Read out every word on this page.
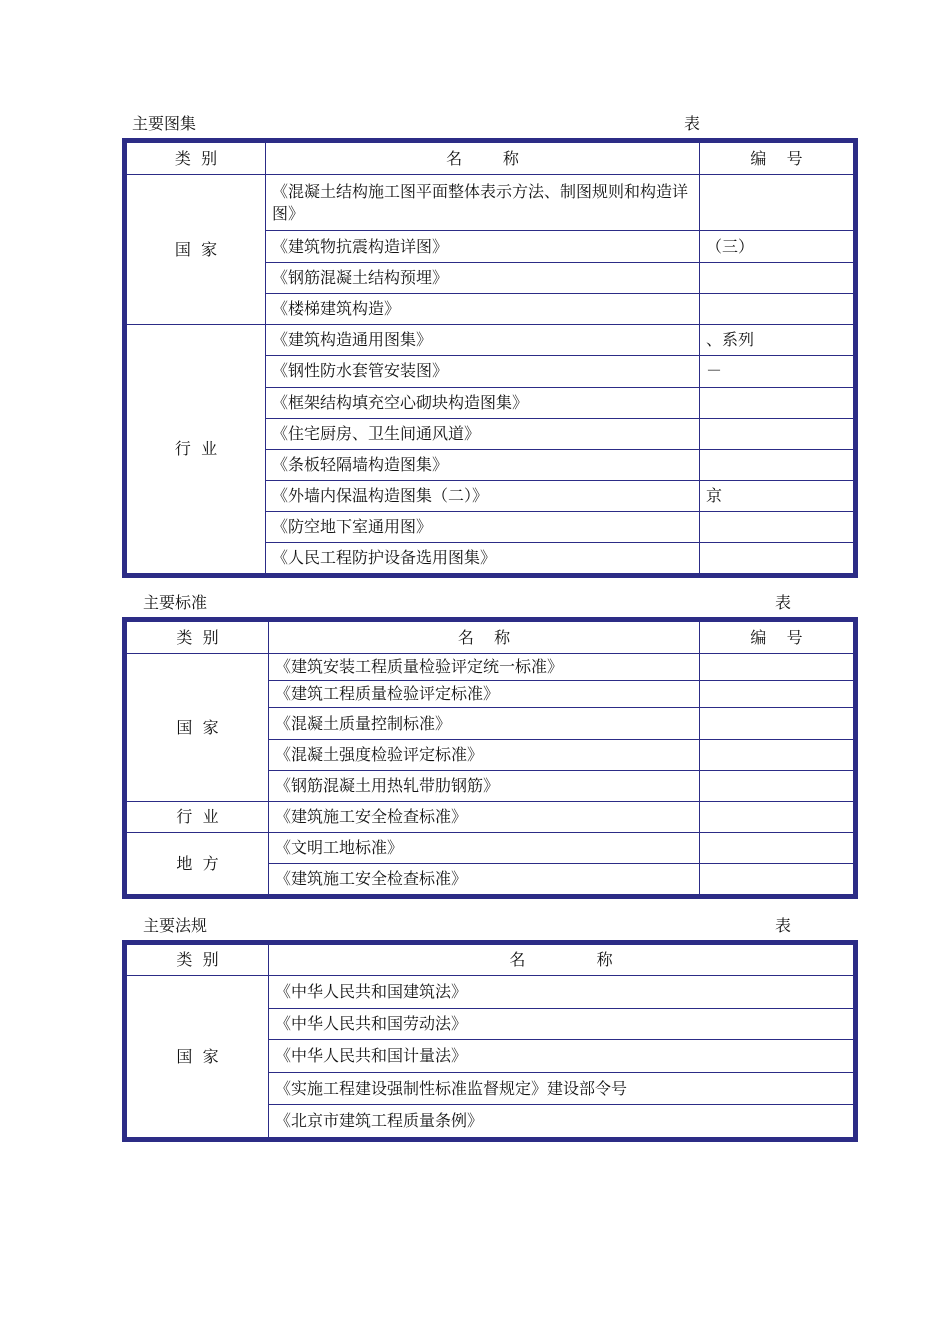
主要图集	表
类  别	名        称	编    号
国  家	《混凝土结构施工图平面整体表示方法、制图规则和构造详图》	
	《建筑物抗震构造详图》	（三）
	《钢筋混凝土结构预埋》	
	《楼梯建筑构造》	
行  业	《建筑构造通用图集》	、系列
	《钢性防水套管安装图》	－
	《框架结构填充空心砌块构造图集》	
	《住宅厨房、卫生间通风道》	
	《条板轻隔墙构造图集》	
	《外墙内保温构造图集（二）》	京
	《防空地下室通用图》	
	《人民工程防护设备选用图集》	
主要标准	表
类  别	名    称	编    号
国  家	《建筑安装工程质量检验评定统一标准》	
	《建筑工程质量检验评定标准》	
	《混凝土质量控制标准》	
	《混凝土强度检验评定标准》	
	《钢筋混凝土用热轧带肋钢筋》	
行  业	《建筑施工安全检查标准》	
地  方	《文明工地标准》	
	《建筑施工安全检查标准》	
主要法规	表
类  别	名              称
国  家	《中华人民共和国建筑法》
	《中华人民共和国劳动法》
	《中华人民共和国计量法》
	《实施工程建设强制性标准监督规定》建设部令号
	《北京市建筑工程质量条例》
